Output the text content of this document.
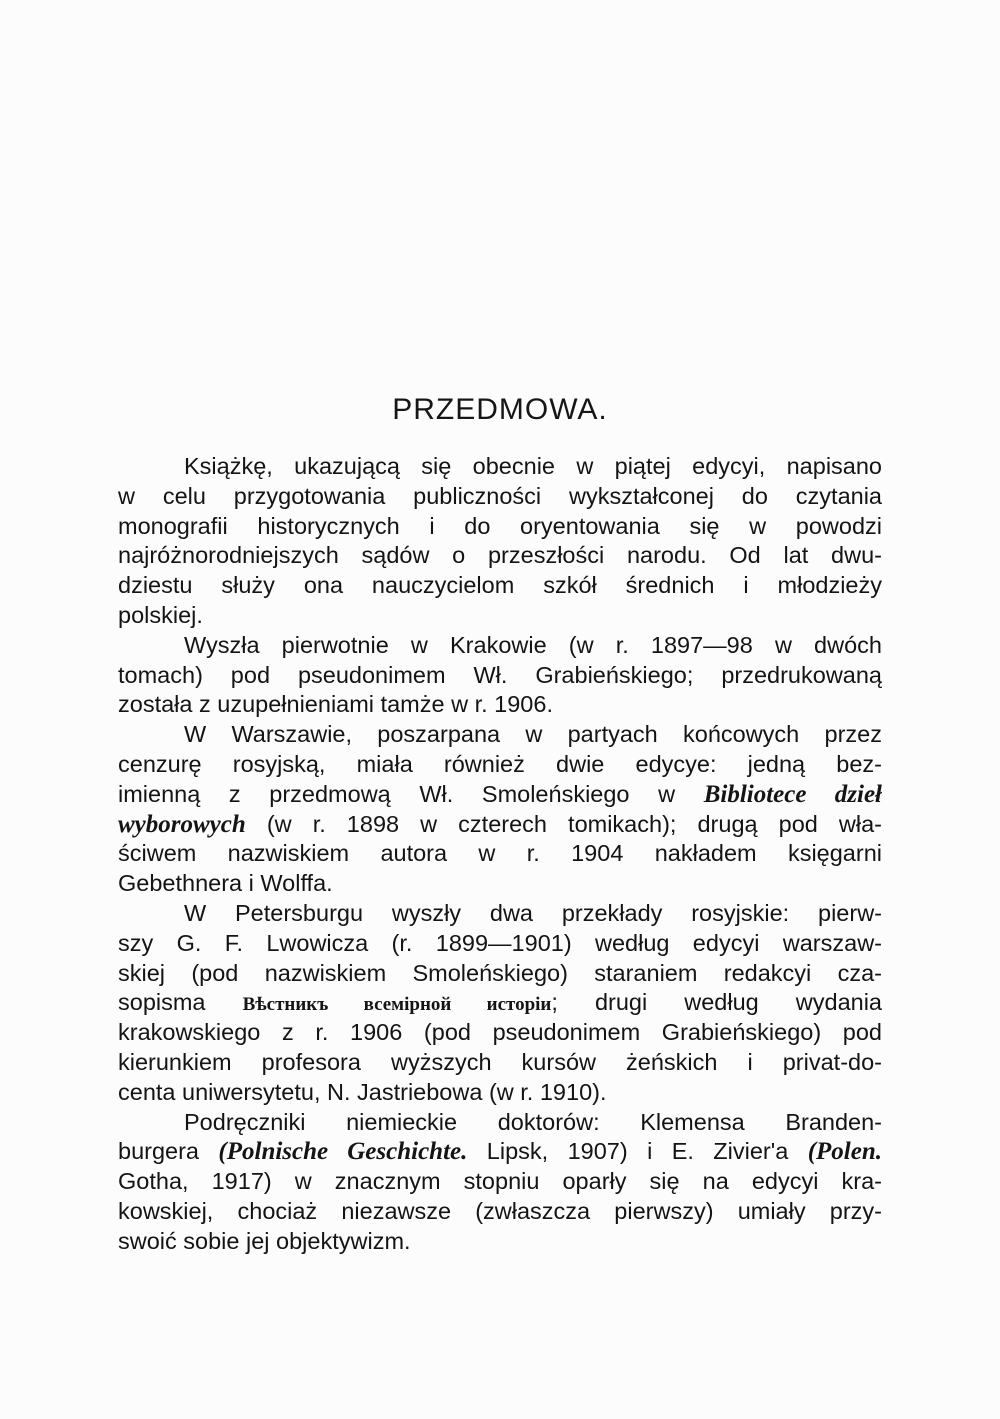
PRZEDMOWA.
Książkę, ukazującą się obecnie w piątej edycyi, napisano
w celu przygotowania publiczności wykształconej do czytania
monografii historycznych i do oryentowania się w powodzi
najróżnorodniejszych sądów o przeszłości narodu. Od lat dwu-
dziestu służy ona nauczycielom szkół średnich i młodzieży
polskiej.
Wyszła pierwotnie w Krakowie (w r. 1897—98 w dwóch
tomach) pod pseudonimem Wł. Grabieńskiego; przedrukowaną
została z uzupełnieniami tamże w r. 1906.
W Warszawie, poszarpana w partyach końcowych przez
cenzurę rosyjską, miała również dwie edycye: jedną bez-
imienną z przedmową Wł. Smoleńskiego w Bibliotece dzieł
wyborowych (w r. 1898 w czterech tomikach); drugą pod wła-
ściwem nazwiskiem autora w r. 1904 nakładem księgarni
Gebethnera i Wolffa.
W Petersburgu wyszły dwa przekłady rosyjskie: pierw-
szy G. F. Lwowicza (r. 1899—1901) według edycyi warszaw-
skiej (pod nazwiskiem Smoleńskiego) staraniem redakcyi cza-
sopisma Вѣстникъ всемірной исторіи; drugi według wydania
krakowskiego z r. 1906 (pod pseudonimem Grabieńskiego) pod
kierunkiem profesora wyższych kursów żeńskich i privat-do-
centa uniwersytetu, N. Jastriebowa (w r. 1910).
Podręczniki niemieckie doktorów: Klemensa Branden-
burgera (Polnische Geschichte. Lipsk, 1907) i E. Zivier'a (Polen.
Gotha, 1917) w znacznym stopniu oparły się na edycyi kra-
kowskiej, chociaż niezawsze (zwłaszcza pierwszy) umiały przy-
swoić sobie jej objektywizm.
